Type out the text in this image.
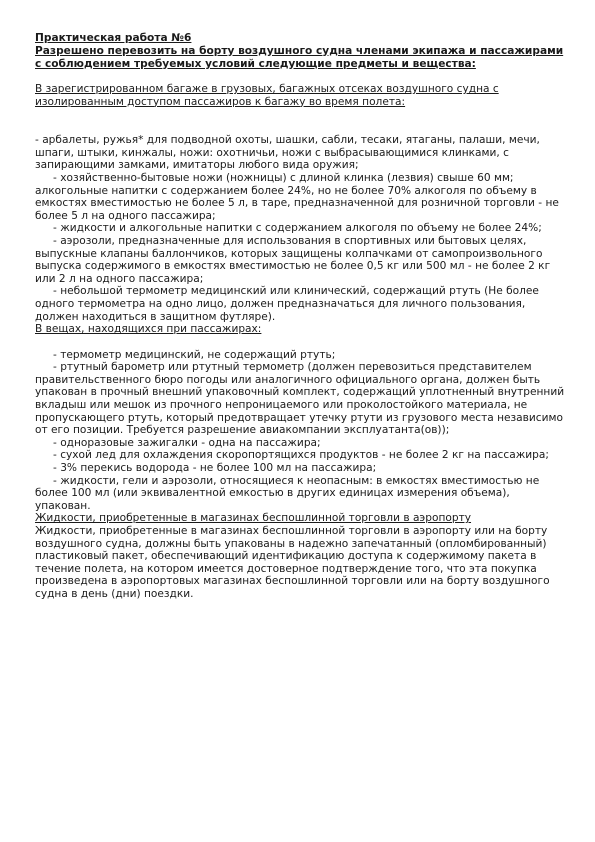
Практическая работа №6

Разрешено перевозить на борту воздушного судна членами экипажа и пассажирами с соблюдением требуемых условий следующие предметы и вещества:

В зарегистрированном багаже в грузовых, багажных отсеках воздушного судна с изолированным доступом пассажиров к багажу во время полета:

- арбалеты, ружья* для подводной охоты, шашки, сабли, тесаки, ятаганы, палаши, мечи, шпаги, штыки, кинжалы, ножи: охотничьи, ножи с выбрасывающимися клинками, с запирающими замками, имитаторы любого вида оружия;

- хозяйственно-бытовые ножи (ножницы) с длиной клинка (лезвия) свыше 60 мм; алкогольные напитки с содержанием более 24%, но не более 70% алкоголя по объему в емкостях вместимостью не более 5 л, в таре, предназначенной для розничной торговли - не более 5 л на одного пассажира;

- жидкости и алкогольные напитки с содержанием алкоголя по объему не более 24%;

- аэрозоли, предназначенные для использования в спортивных или бытовых целях, выпускные клапаны баллончиков, которых защищены колпачками от самопроизвольного выпуска содержимого в емкостях вместимостью не более 0,5 кг или 500 мл - не более 2 кг или 2 л на одного пассажира;

- небольшой термометр медицинский или клинический, содержащий ртуть (Не более одного термометра на одно лицо, должен предназначаться для личного пользования, должен находиться в защитном футляре).

В вещах, находящихся при пассажирах:

- термометр медицинский, не содержащий ртуть;

- ртутный барометр или ртутный термометр (должен перевозиться представителем правительственного бюро погоды или аналогичного официального органа, должен быть упакован в прочный внешний упаковочный комплект, содержащий уплотненный внутренний вкладыш или мешок из прочного непроницаемого или проколостойкого материала, не пропускающего ртуть, который предотвращает утечку ртути из грузового места независимо от его позиции. Требуется разрешение авиакомпании эксплуатанта(ов));

- одноразовые зажигалки - одна на пассажира;

- сухой лед для охлаждения скоропортящихся продуктов - не более 2 кг на пассажира;

- 3% перекись водорода - не более 100 мл на пассажира;

- жидкости, гели и аэрозоли, относящиеся к неопасным: в емкостях вместимостью не более 100 мл (или эквивалентной емкостью в других единицах измерения объема), упакован.

Жидкости, приобретенные в магазинах беспошлинной торговли в аэропорту

Жидкости, приобретенные в магазинах беспошлинной торговли в аэропорту или на борту воздушного судна, должны быть упакованы в надежно запечатанный (опломбированный) пластиковый пакет, обеспечивающий идентификацию доступа к содержимому пакета в течение полета, на котором имеется достоверное подтверждение того, что эта покупка произведена в аэропортовых магазинах беспошлинной торговли или на борту воздушного судна в день (дни) поездки.
